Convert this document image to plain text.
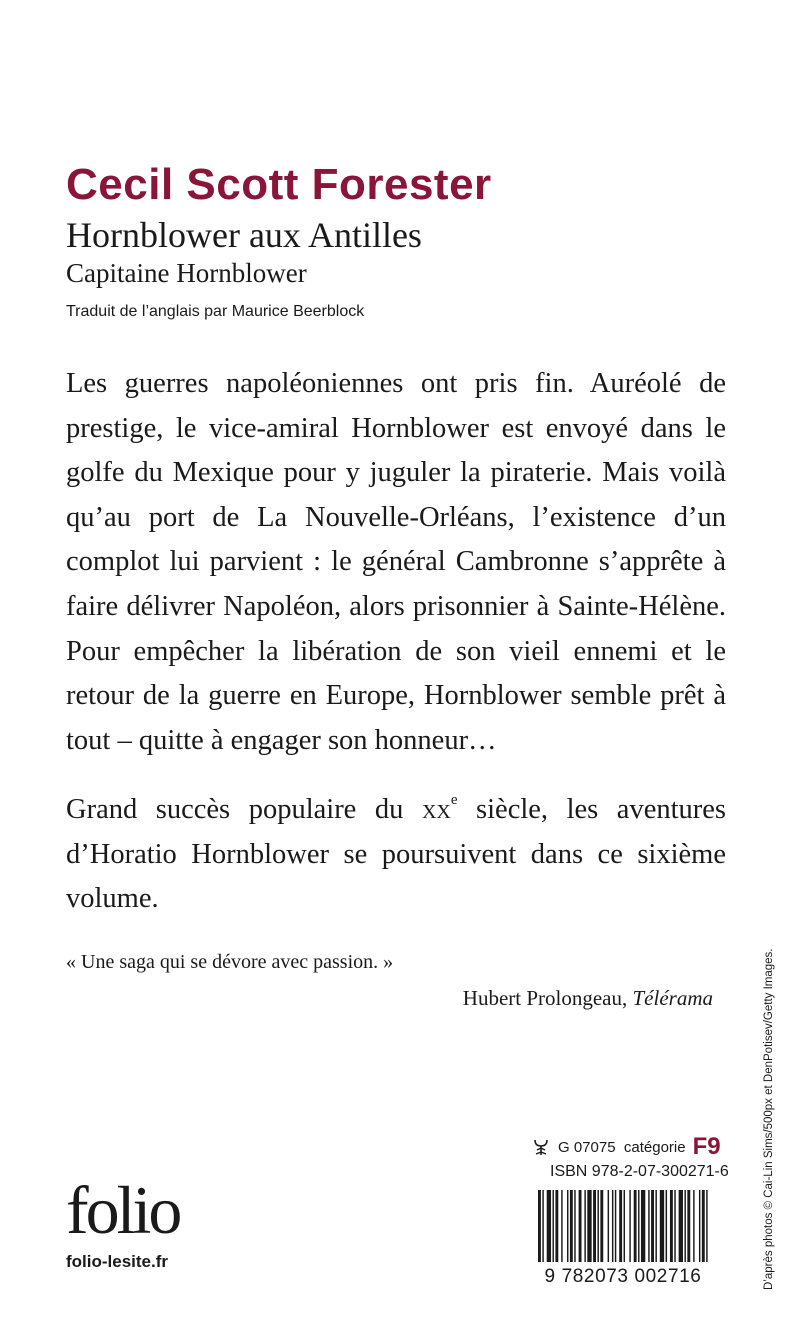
Cecil Scott Forester
Hornblower aux Antilles
Capitaine Hornblower
Traduit de l’anglais par Maurice Beerblock

Les guerres napoléoniennes ont pris fin. Auréolé de prestige, le vice-amiral Hornblower est envoyé dans le golfe du Mexique pour y juguler la piraterie. Mais voilà qu’au port de La Nouvelle-Orléans, l’existence d’un complot lui parvient : le général Cambronne s’apprête à faire délivrer Napoléon, alors prisonnier à Sainte-Hélène. Pour empêcher la libération de son vieil ennemi et le retour de la guerre en Europe, Hornblower semble prêt à tout – quitte à engager son honneur…

Grand succès populaire du $xx^e$ siècle, les aventures d’Horatio Hornblower se poursuivent dans ce sixième volume.

« Une saga qui se dévore avec passion. »
Hubert Prolongeau, Télérama
folio
folio-lesite.fr
G 07075
catégorie F9
ISBN 978-2-07-300271-6
9 782073 002716	D’après photos © Cai-Lin Sims/500px et DenPotisev/Getty Images.
